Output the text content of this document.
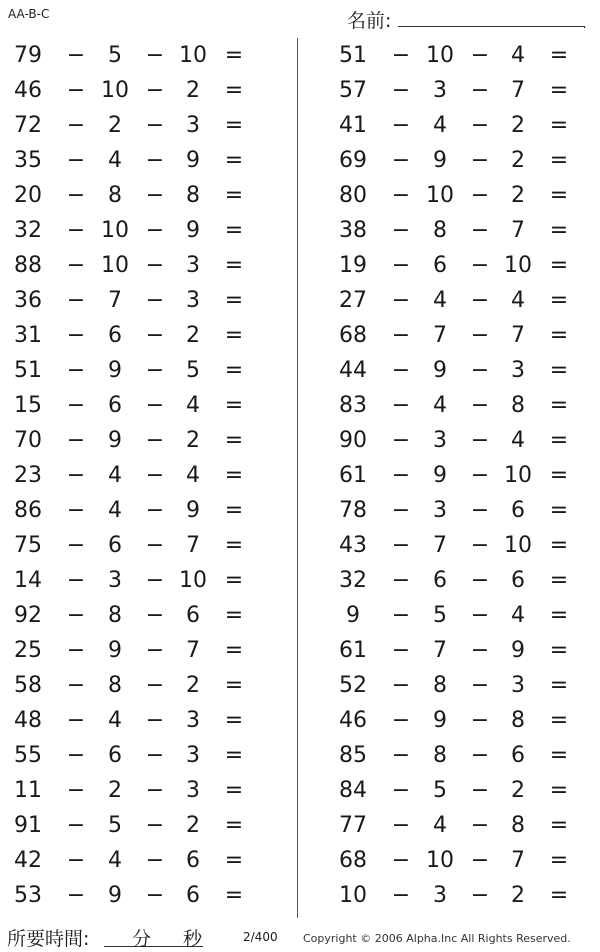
AA-B-C	名前:	.
79 −	5	− 10 =
46 − 10 − 2	=
72 −	2	− 3	=
35 −	4	− 9	=
20 −	8	− 8	=
32 − 10 − 9	=
88 − 10 − 3	=
36 −	7	− 3	=
31 −	6	− 2	=
51 −	9	− 5	=
15 −	6	− 4	=
70 −	9	− 2	=
23 −	4	− 4	=
86 −	4	− 9	=
75 −	6	− 7	=
14 −	3	− 10 =
92 −	8	− 6	=
25 −	9	− 7	=
58 −	8	− 2	=
48 −	4	− 3	=
55 −	6	− 3	=
11 −	2	− 3	=
91 −	5	− 2	=
42 −	4	− 6	=
53 −	9	− 6	=
51 − 10 − 4	=
57 −	3	− 7	=
41 −	4	− 2	=
69 −	9	− 2	=
80 − 10 − 2	=
38 −	8	− 7	=
19 −	6	− 10 =
27 −	4	− 4	=
68 −	7	− 7	=
44 −	9	− 3	=
83 −	4	− 8	=
90 −	3	− 4	=
61 −	9	− 10 =
78 −	3	− 6	=
43 −	7	− 10 =
32 −	6	− 6	=
9	−	5	− 4	=
61 −	7	− 9	=
52 −	8	− 3	=
46 −	9	− 8	=
85 −	8	− 6	=
84 −	5	− 2	=
77 −	4	− 8	=
68 − 10 − 7	=
10 −	3	− 2	=
所要時間: 分 秒	2/400 Copyright © 2006 Alpha.Inc All Rights Reserved.
